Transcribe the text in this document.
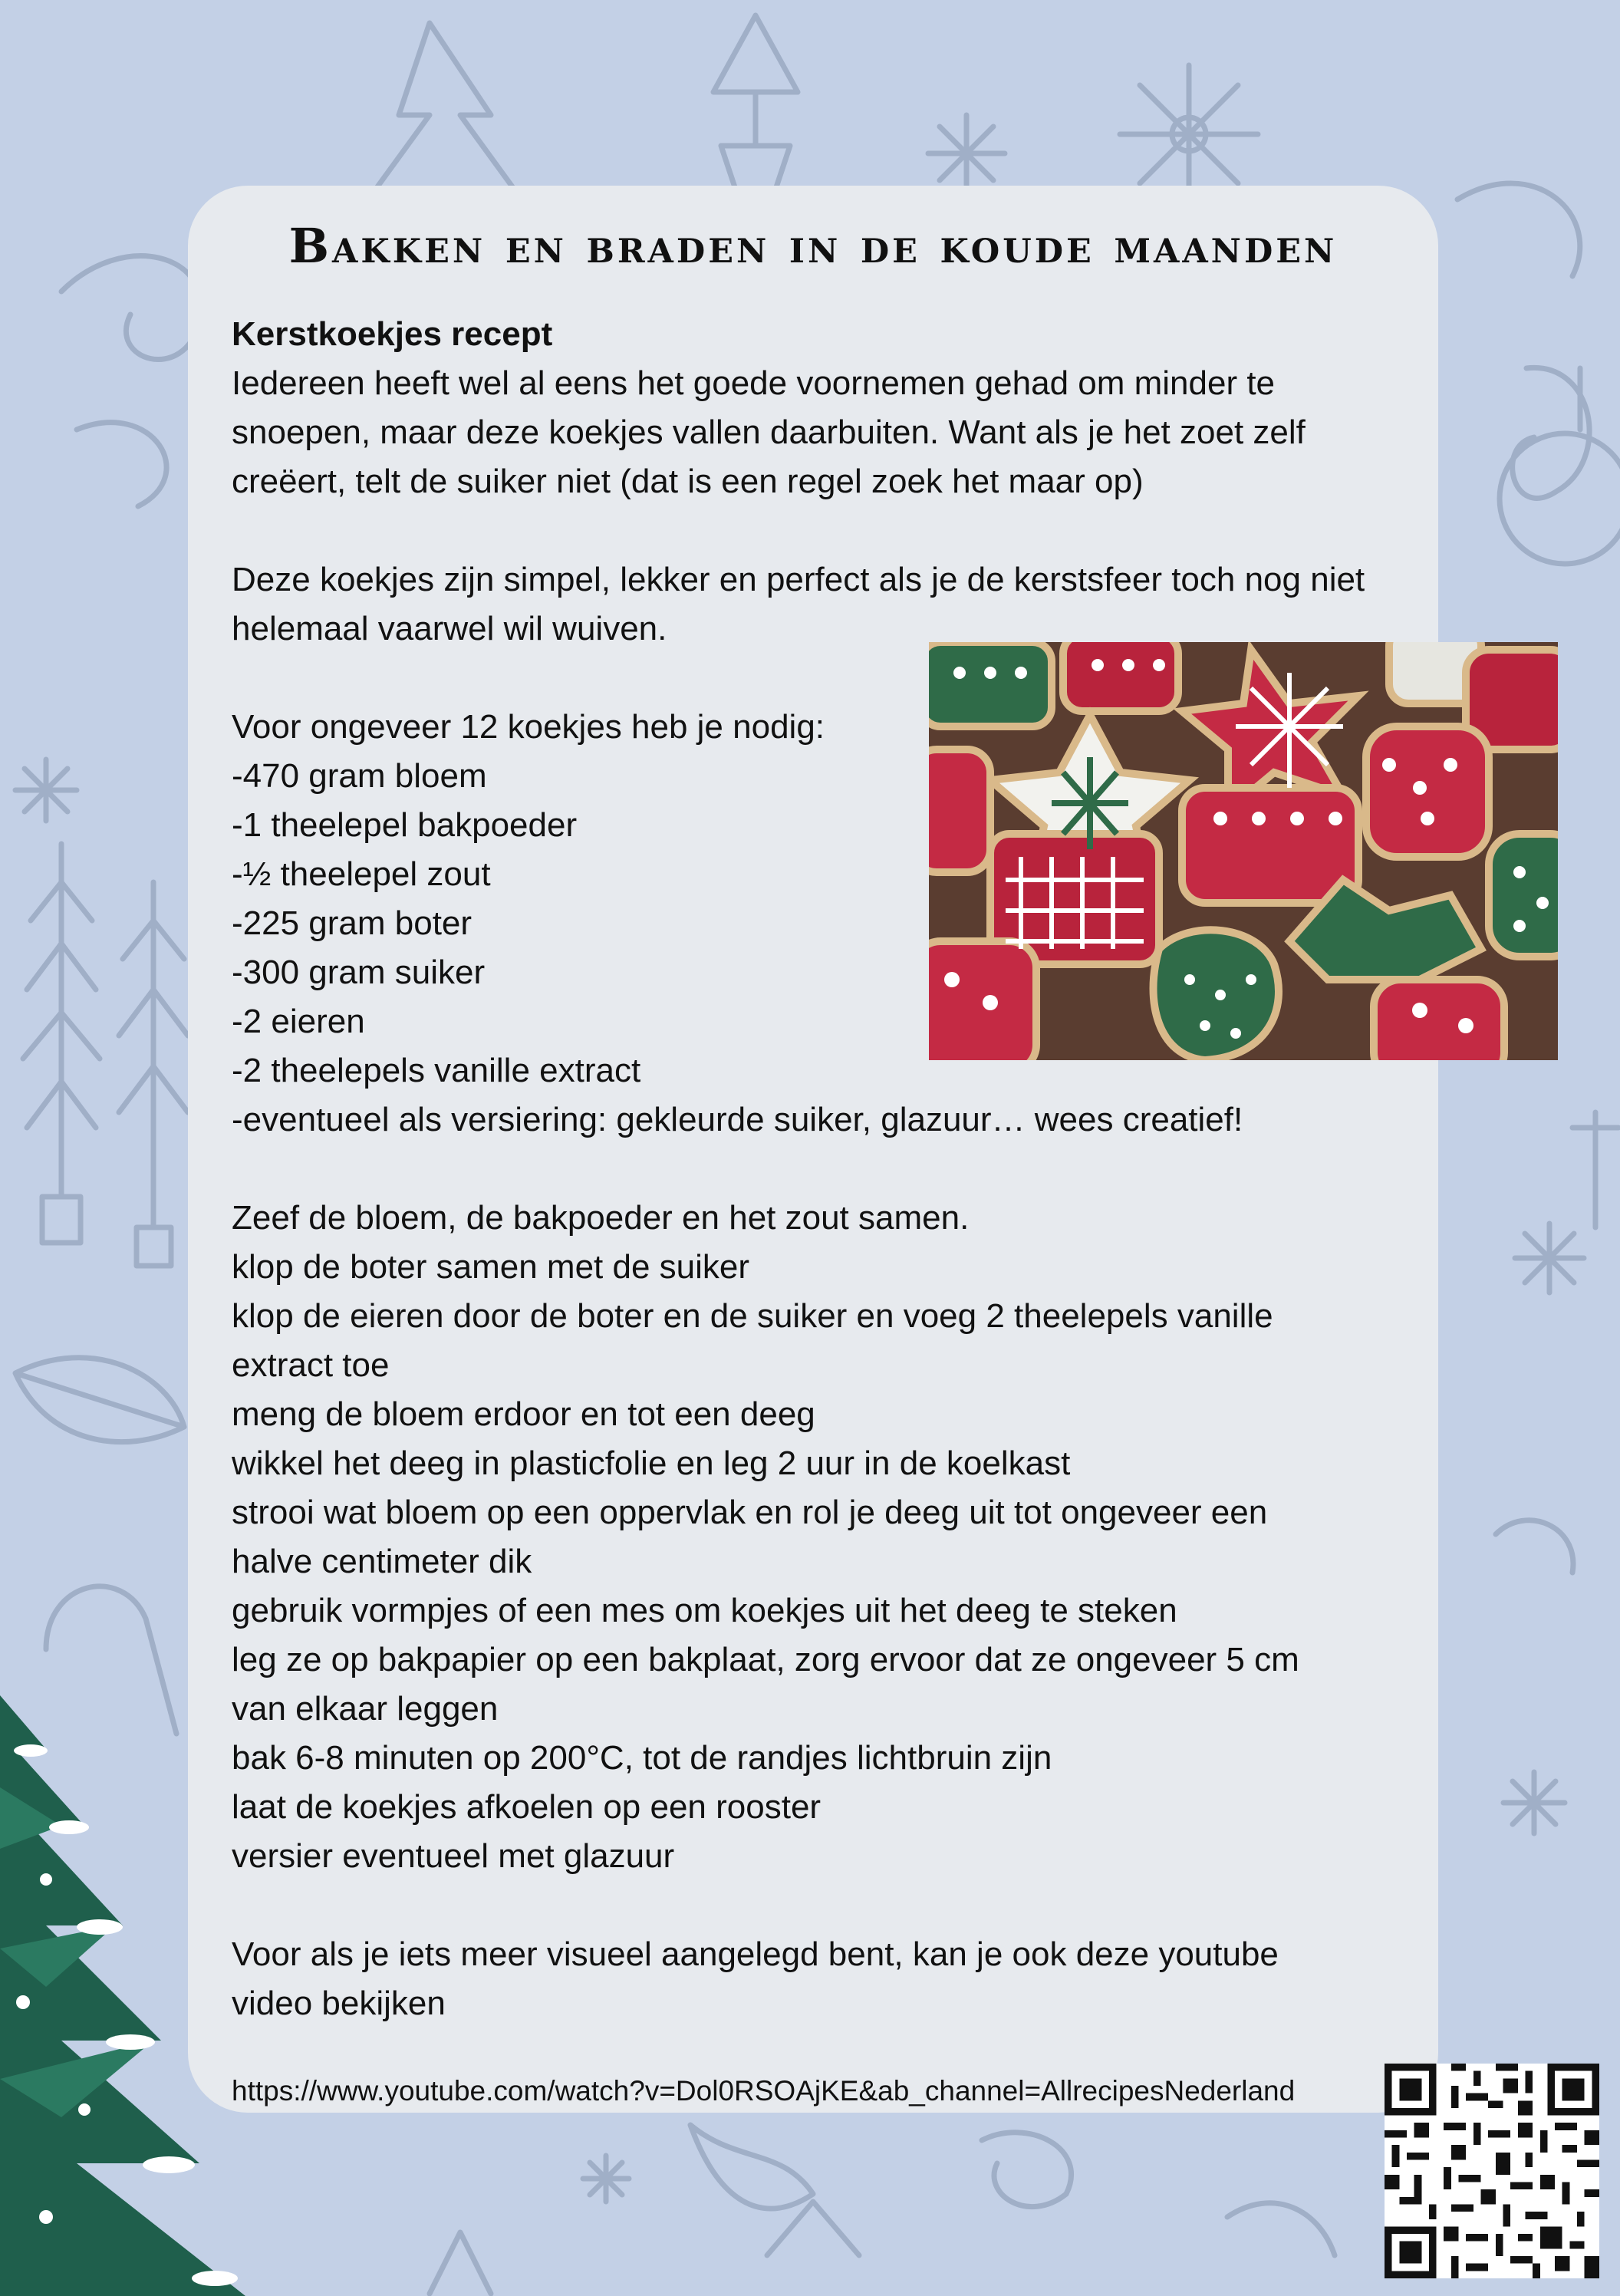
Bakken en braden in de koude maanden

Kerstkoekjes recept

Iedereen heeft wel al eens het goede voornemen gehad om minder te snoepen, maar deze koekjes vallen daarbuiten. Want als je het zoet zelf creëert, telt de suiker niet (dat is een regel zoek het maar op)

Deze koekjes zijn simpel, lekker en perfect als je de kerstsfeer toch nog niet helemaal vaarwel wil wuiven.

Voor ongeveer 12 koekjes heb je nodig:

-470 gram bloem

-1 theelepel bakpoeder

-½ theelepel zout

-225 gram boter

-300 gram suiker

-2 eieren

-2 theelepels vanille extract

-eventueel als versiering: gekleurde suiker, glazuur… wees creatief!

Zeef de bloem, de bakpoeder en het zout samen.

klop de boter samen met de suiker

klop de eieren door de boter en de suiker en voeg 2 theelepels vanille extract toe

meng de bloem erdoor en tot een deeg

wikkel het deeg in plasticfolie en leg 2 uur in de koelkast

strooi wat bloem op een oppervlak en rol je deeg uit tot ongeveer een halve centimeter dik

gebruik vormpjes of een mes om koekjes uit het deeg te steken

leg ze op bakpapier op een bakplaat, zorg ervoor dat ze ongeveer 5 cm van elkaar leggen

bak 6-8 minuten op 200°C, tot de randjes lichtbruin zijn

laat de koekjes afkoelen op een rooster

versier eventueel met glazuur

Voor als je iets meer visueel aangelegd bent, kan je ook deze youtube video bekijken

https://www.youtube.com/watch?v=Dol0RSOAjKE&ab_channel=AllrecipesNederland
